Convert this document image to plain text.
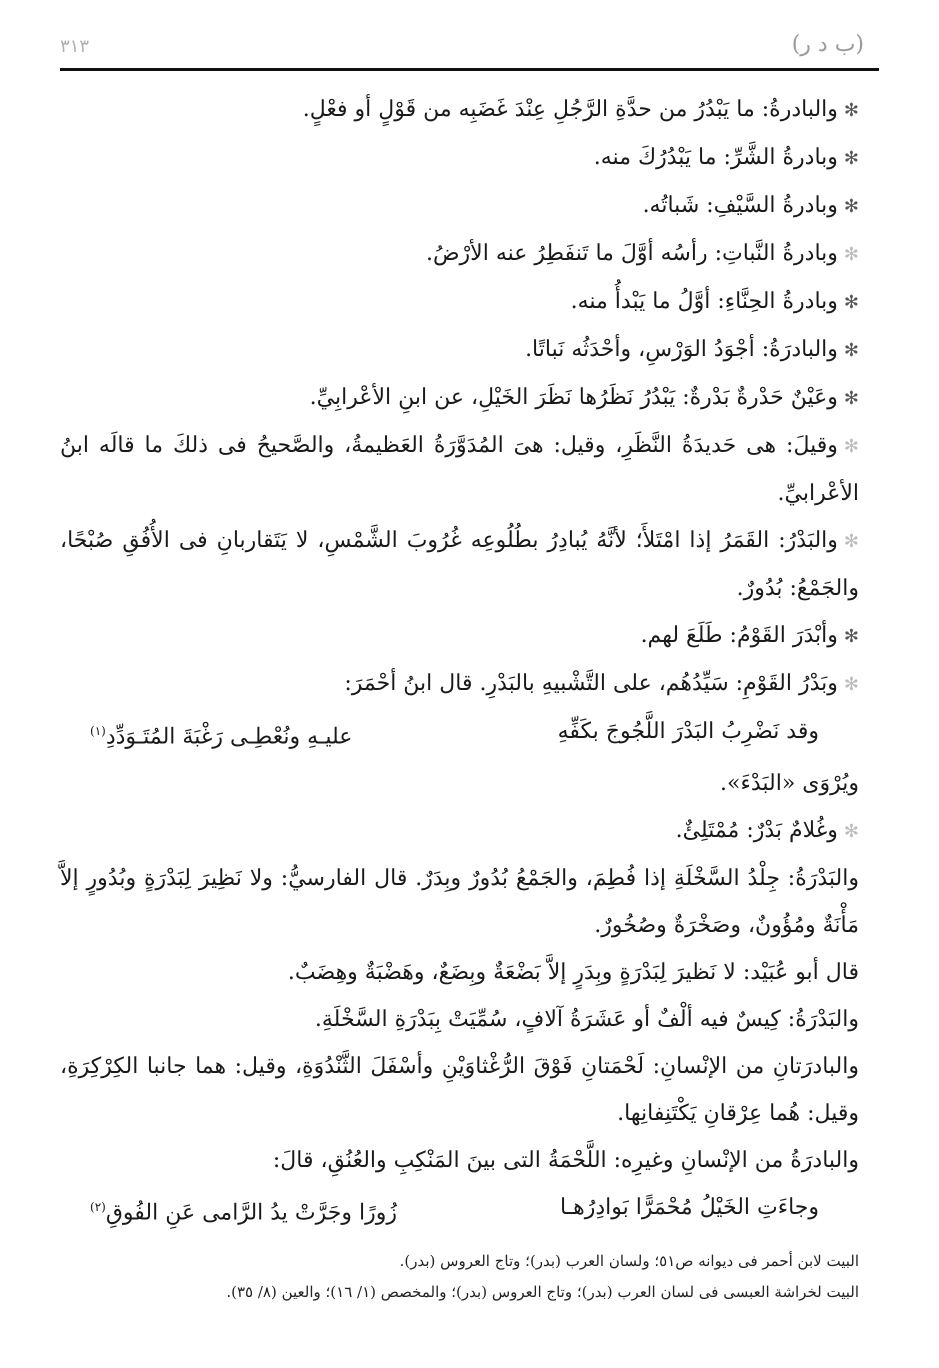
(ب د ر)
٣١٣

✻والبادرةُ: ما يَبْدُرُ من حدَّةِ الرَّجُلِ عِنْدَ غَضَبِه من قَوْلٍ أو فعْلٍ.

✻وبادرةُ الشَّرِّ: ما يَبْدُرُكَ منه.

✻وبادرةُ السَّيْفِ: شَباتُه.

✻وبادرةُ النَّباتِ: رأسُه أوَّلَ ما تَنفَطِرُ عنه الأرْضُ.

✻وبادرةُ الحِنَّاءِ: أوَّلُ ما يَبْدأُ منه.

✻والبادرَةُ: أجْوَدُ الوَرْسِ، وأحْدَثُه نَباتًا.

✻وعَيْنٌ حَدْرةٌ بَدْرةٌ: يَبْدُرُ نَظَرُها نَظَرَ الخَيْلِ، عن ابنِ الأعْرابِيِّ.

✻وقيلَ: هى حَديدَةُ النَّظَرِ، وقيل: هىَ المُدَوَّرَةُ العَظيمةُ، والصَّحيحُ فى ذلكَ ما قالَه ابنُ الأعْرابيِّ.

✻والبَدْرُ: القَمَرُ إذا امْتَلأَ؛ لأنَّهُ يُبادِرُ بطُلُوعِه غُرُوبَ الشَّمْسِ، لا يَتَقاربانِ فى الأُفُقِ صُبْحًا، والجَمْعُ: بُدُورٌ.

✻وأبْدَرَ القَوْمُ: طَلَعَ لهم.

✻وبَدْرُ القَوْمِ: سَيِّدُهُم، على التَّشْبيهِ بالبَدْرِ. قال ابنُ أحْمَرَ:

وقد نَضْرِبُ البَدْرَ اللَّجُوجَ بكَفِّهِ
عليـهِ ونُعْطِـى رَغْبَةَ المُتَـوَدِّدِ$^{(١)}$

ويُرْوَى «البَدْءَ».

✻وغُلامٌ بَدْرٌ: مُمْتَلِئٌ.

والبَدْرَةُ: جِلْدُ السَّخْلَةِ إذا فُطِمَ، والجَمْعُ بُدُورٌ وبِدَرٌ. قال الفارسيُّ: ولا نَظِيرَ لِبَدْرَةٍ وبُدُورٍ إلاَّ مَأْنَةٌ ومُؤُونٌ، وصَخْرَةٌ وصُخُورٌ.

قال أبو عُبَيْد: لا نَظيرَ لِبَدْرَةٍ وبِدَرٍ إلاَّ بَضْعَةٌ وبِضَعٌ، وهَضْبَةٌ وهِضَبٌ.

والبَدْرَةُ: كِيسٌ فيه ألْفٌ أو عَشَرَةُ آلافٍ، سُمِّيَتْ بِبَدْرَةِ السَّخْلَةِ.

والبادرَتانِ من الإنْسانِ: لَحْمَتانِ فَوْقَ الرُّغْثاوَيْنِ وأسْفَلَ الثَّنْدُوَةِ، وقيل: هما جانبا الكِرْكِرَةِ، وقيل: هُما عِرْقانِ يَكْتَنِفانِها.

والبادرَةُ من الإنْسانِ وغيرِه: اللَّحْمَةُ التى بينَ المَنْكِبِ والعُنُقِ، قالَ:

وجاءَتِ الخَيْلُ مُحْمَرًّا بَوادِرُهـا
زُورًا وجَرَّتْ يدُ الرَّامى عَنِ الفُوقِ$^{(٢)}$

البيت لابن أحمر فى ديوانه ص٥١؛ ولسان العرب (بدر)؛ وتاج العروس (بدر).

البيت لخراشة العبسى فى لسان العرب (بدر)؛ وتاج العروس (بدر)؛ والمخصص (١/ ١٦)؛ والعين (٨/ ٣٥).
